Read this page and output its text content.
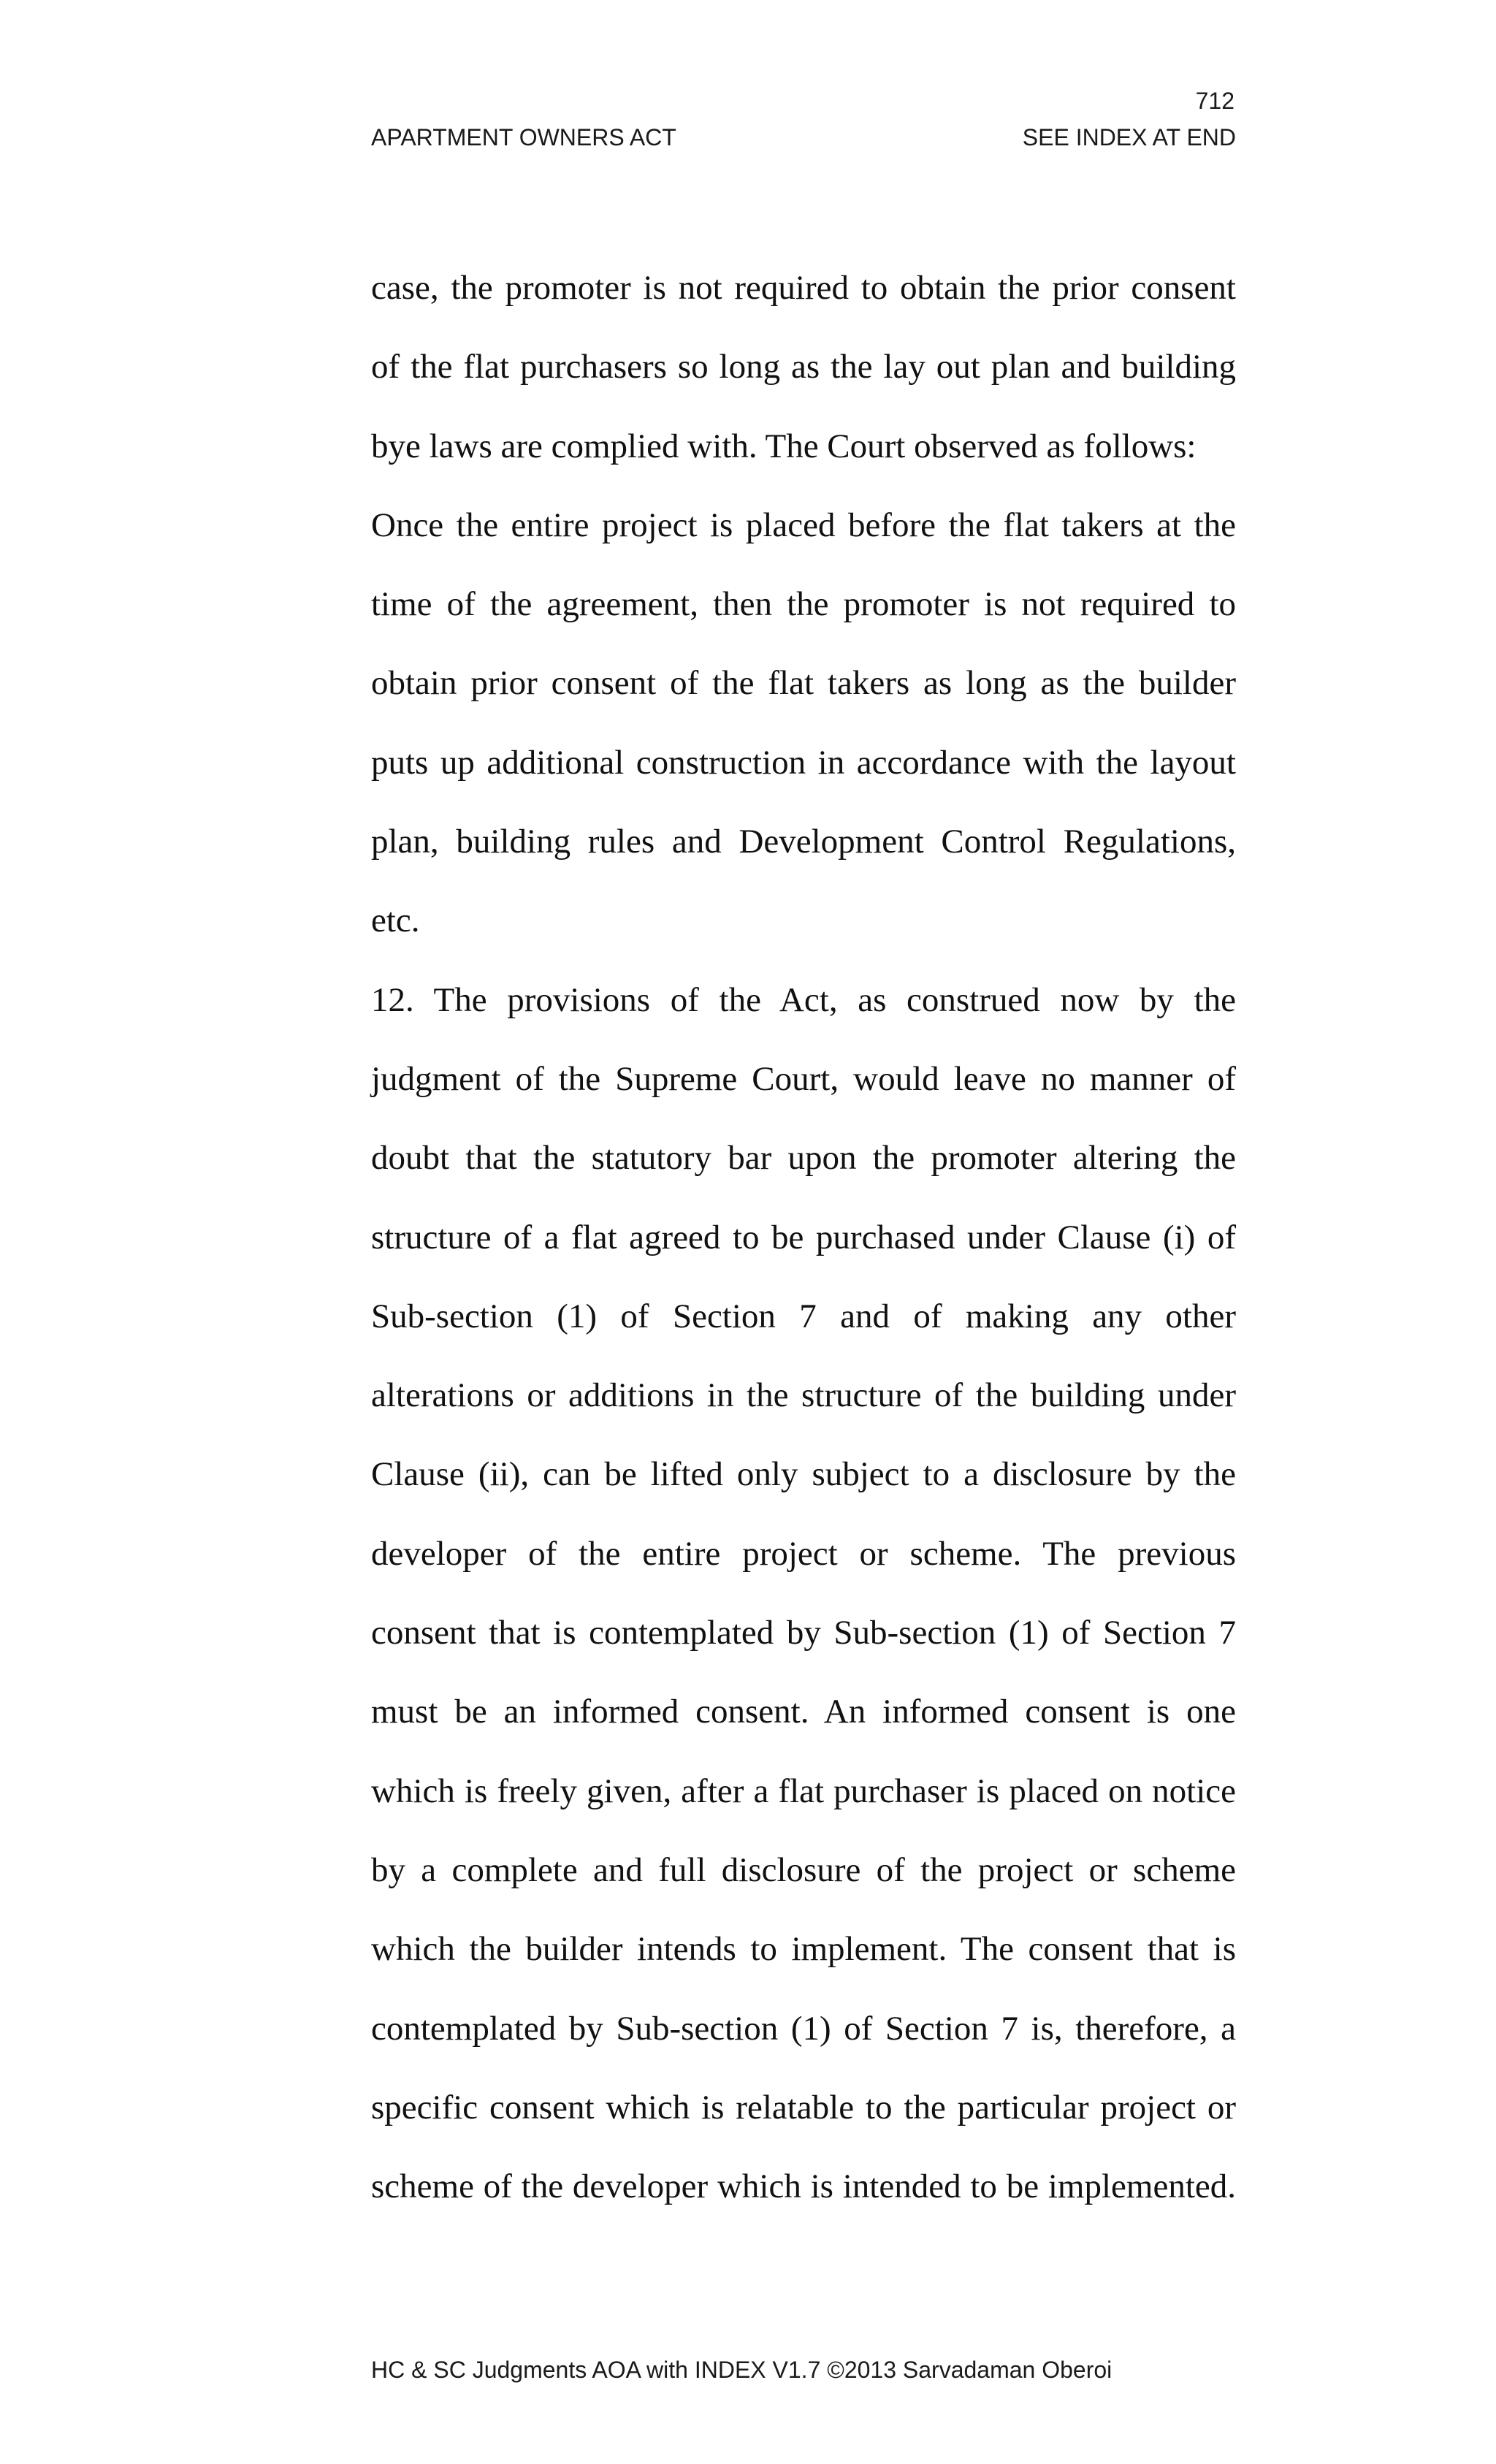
712

APARTMENT OWNERS ACT	SEE INDEX AT END
case, the promoter is not required to obtain the prior consent
of the flat purchasers so long as the lay out plan and building
bye laws are complied with. The Court observed as follows:
Once the entire project is placed before the flat takers at the
time of the agreement, then the promoter is not required to
obtain prior consent of the flat takers as long as the builder
puts up additional construction in accordance with the layout
plan, building rules and Development Control Regulations,
etc.
12. The provisions of the Act, as construed now by the
judgment of the Supreme Court, would leave no manner of
doubt that the statutory bar upon the promoter altering the
structure of a flat agreed to be purchased under Clause (i) of
Sub-section (1) of Section 7 and of making any other
alterations or additions in the structure of the building under
Clause (ii), can be lifted only subject to a disclosure by the
developer of the entire project or scheme. The previous
consent that is contemplated by Sub-section (1) of Section 7
must be an informed consent. An informed consent is one
which is freely given, after a flat purchaser is placed on notice
by a complete and full disclosure of the project or scheme
which the builder intends to implement. The consent that is
contemplated by Sub-section (1) of Section 7 is, therefore, a
specific consent which is relatable to the particular project or
scheme of the developer which is intended to be implemented.

HC & SC Judgments AOA with INDEX V1.7 ©2013 Sarvadaman Oberoi
